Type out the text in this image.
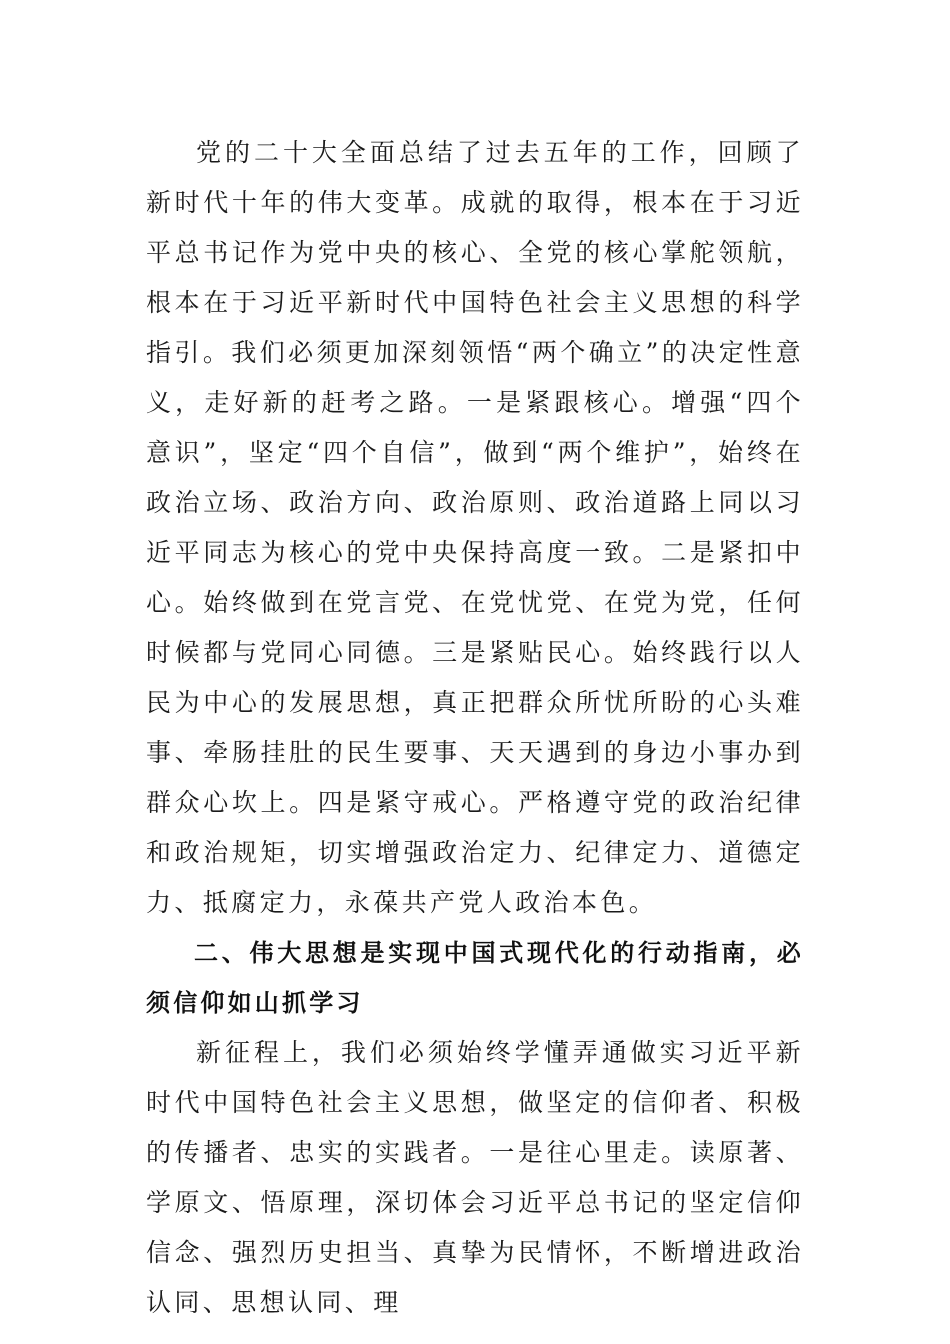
党的二十大全面总结了过去五年的工作，回顾了新时代十年的伟大变革。成就的取得，根本在于习近平总书记作为党中央的核心、全党的核心掌舵领航，根本在于习近平新时代中国特色社会主义思想的科学指引。我们必须更加深刻领悟“两个确立”的决定性意义，走好新的赶考之路。一是紧跟核心。增强“四个意识”，坚定“四个自信”，做到“两个维护”，始终在政治立场、政治方向、政治原则、政治道路上同以习近平同志为核心的党中央保持高度一致。二是紧扣中心。始终做到在党言党、在党忧党、在党为党，任何时候都与党同心同德。三是紧贴民心。始终践行以人民为中心的发展思想，真正把群众所忧所盼的心头难事、牵肠挂肚的民生要事、天天遇到的身边小事办到群众心坎上。四是紧守戒心。严格遵守党的政治纪律和政治规矩，切实增强政治定力、纪律定力、道德定力、抵腐定力，永葆共产党人政治本色。

二、伟大思想是实现中国式现代化的行动指南，必须信仰如山抓学习

新征程上，我们必须始终学懂弄通做实习近平新时代中国特色社会主义思想，做坚定的信仰者、积极的传播者、忠实的实践者。一是往心里走。读原著、学原文、悟原理，深切体会习近平总书记的坚定信仰信念、强烈历史担当、真挚为民情怀，不断增进政治认同、思想认同、理
